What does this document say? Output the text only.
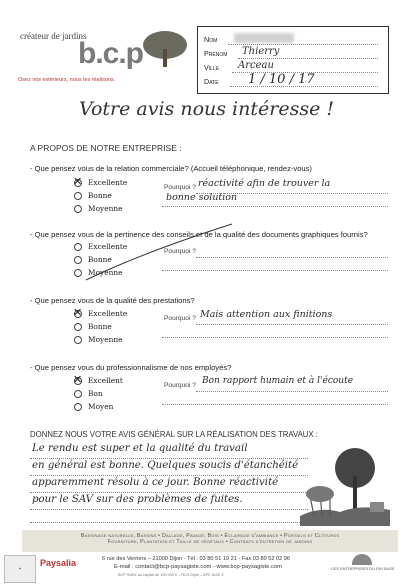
créateur de jardins
b.c.p
Osez vos extérieurs, nous les réalisons.
Nom
Prénom Thierry
Ville Arceau
Date 1 / 10 / 17
Votre avis nous intéresse !
A PROPOS DE NOTRE ENTREPRISE :
- Que pensez vous de la relation commerciale? (Accueil téléphonique, rendez-vous)
✕ Excellente
Bonne
Moyenne
Pourquoi ? réactivité afin de trouver la
bonne solution
- Que pensez vous de la pertinence des conseils et de la qualité des documents graphiques fournis?
Excellente
Bonne
Moyenne
Pourquoi ?
- Que pensez vous de la qualité des prestations?
✕ Excellente
Bonne
Moyenne
Pourquoi ? Mais attention aux finitions
- Que pensez vous du professionnalisme de nos employés?
✕ Excellent
Bon
Moyen
Pourquoi ? Bon rapport humain et à l'écoute
DONNEZ NOUS VOTRE AVIS GÉNÉRAL SUR LA RÉALISATION DES TRAVAUX :
Le rendu est super et la qualité du travail
en général est bonne. Quelques soucis d'étanchéité
apparemment résolu à ce jour. Bonne réactivité
pour le SAV sur des problèmes de fuites.
Bassinage naturelle, Bassins • Dallage, Pavage, Bois • Éclairage d'ambiance • Portails et Clôtures
Fourniture, Plantation et Taille de végétaux • Contrats d'entretien de jardins
✦
Paysalia	6 rue des Verriers – 21000 Dijon · Tél : 03 80 51 19 21 - Fax 03 80 52 02 96
E-mail : contact@bcp-paysagiste.com - www.bcp-paysagiste.com
BCP SARL au capital de 100 000 € – RCS Dijon – APE 8130 Z
LES ENTREPRISES DU PAYSAGE
